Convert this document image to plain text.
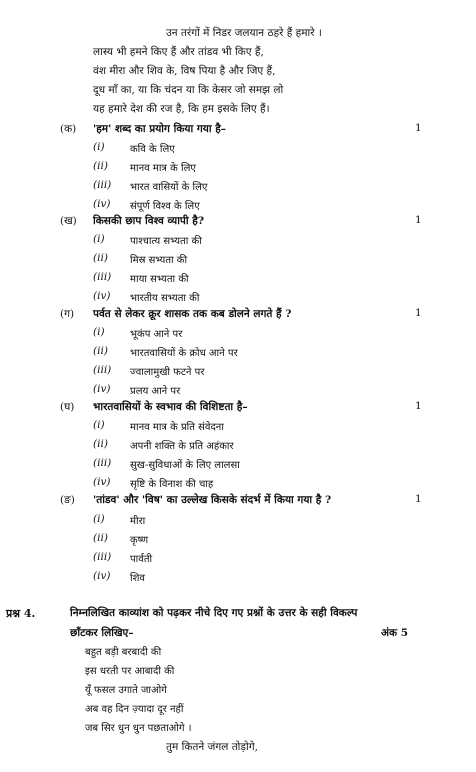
उन तरंगों में निडर जलयान ठहरे हैं हमारे ।
लास्य भी हमने किए हैं और तांडव भी किए हैं,
वंश मीरा और शिव के, विष पिया है और जिए हैं,
दूध माँ का, या कि चंदन या कि केसर जो समझ लो
यह हमारे देश की रज है, कि हम इसके लिए हैं।
(क) 'हम' शब्द का प्रयोग किया गया है–	1
(i)	कवि के लिए
(ii) मानव मात्र के लिए
(iii) भारत वासियों के लिए
(iv) संपूर्ण विश्व के लिए
(ख) किसकी छाप विश्व व्यापी है?	1
(i)	पाश्चात्य सभ्यता की
(ii) मिस्र सभ्यता की
(iii) माया सभ्यता की
(iv) भारतीय सभ्यता की
(ग) पर्वत से लेकर क्रूर शासक तक कब डोलने लगते हैं ?	1
(i)	भूकंप आने पर
(ii) भारतवासियों के क्रोध आने पर
(iii) ज्वालामुखी फटने पर
(iv) प्रलय आने पर
(घ) भारतवासियों के स्वभाव की विशिष्टता है–	1
(i)	मानव मात्र के प्रति संवेदना
(ii) अपनी शक्ति के प्रति अहंकार
(iii) सुख-सुविधाओं के लिए लालसा
(iv) सृष्टि के विनाश की चाह
(ङ) 'तांडव' और 'विष' का उल्लेख किसके संदर्भ में किया गया है ?	1
(i)	मीरा
(ii) कृष्ण
(iii) पार्वती
(iv) शिव
प्रश्न 4.	निम्नलिखित काव्यांश को पढ़कर नीचे दिए गए प्रश्नों के उत्तर के सही विकल्प
छाँटकर लिखिए–	अंक 5
बहुत बड़ी बरबादी की
इस धरती पर आबादी की
यूँ फसल उगाते जाओगे
अब वह दिन ज़्यादा दूर नहीं
जब सिर धुन धुन पछताओगे ।
तुम कितने जंगल तोड़ोगे,
